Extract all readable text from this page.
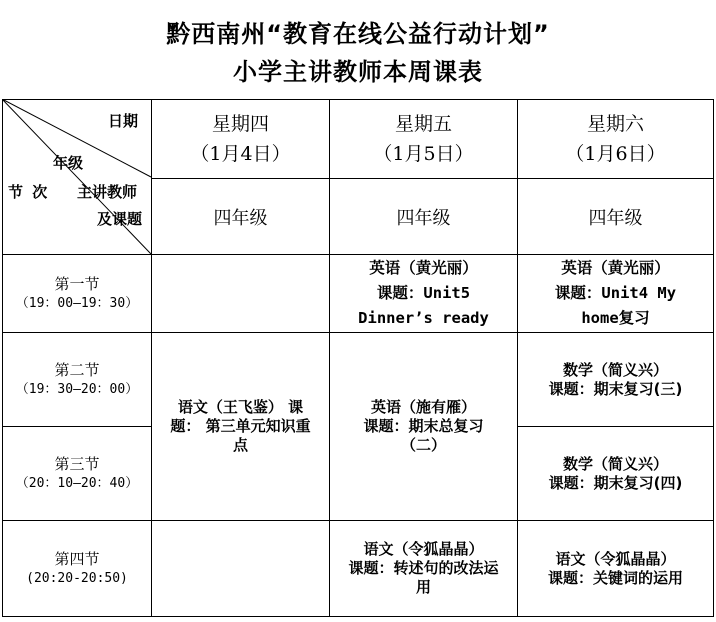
黔西南州“教育在线公益行动计划”
小学主讲教师本周课表
日期
年级
主讲教师
及课题
节 次
星期四
（1月4日）
星期五
（1月5日）
星期六
（1月6日）
四年级	四年级	四年级
第一节
（19：00—19：30）
第二节
（19：30—20：00）
第三节
（20：10—20：40）
第四节
(20:20-20:50)
英语（黄光丽）
课题：Unit5
Dinner’s ready
英语（黄光丽）
课题：Unit4 My
home复习
语文（王飞鉴） 课
题： 第三单元知识重
点
英语（施有雁）
课题：期末总复习
（二）
数学（简义兴）
课题：期末复习(三)
数学（简义兴）
课题：期末复习(四)
语文（令狐晶晶）
课题：转述句的改法运
用
语文（令狐晶晶）
课题：关键词的运用
